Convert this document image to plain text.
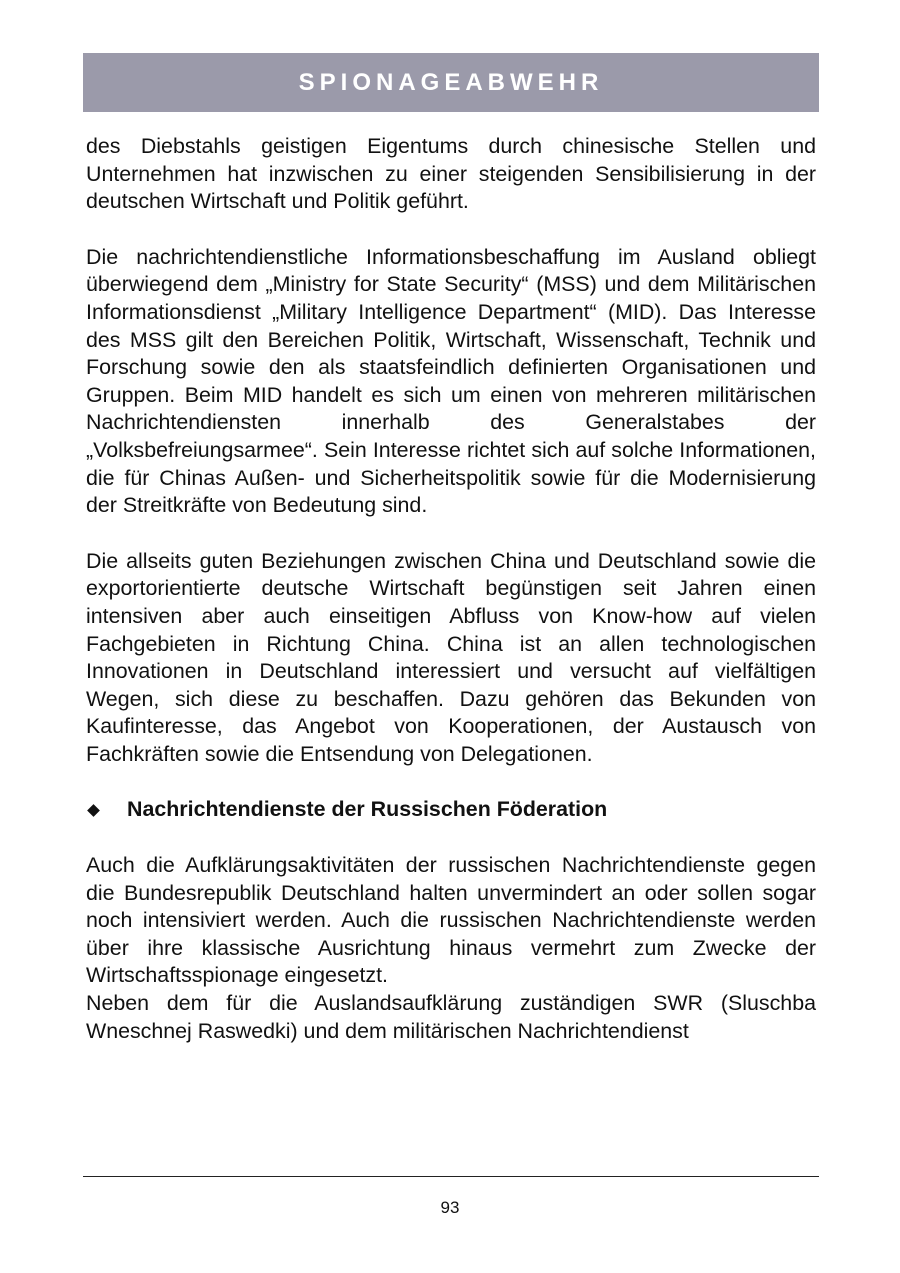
SPIONAGEABWEHR

des Diebstahls geistigen Eigentums durch chinesische Stellen und Unternehmen hat inzwischen zu einer steigenden Sensibilisierung in der deutschen Wirtschaft und Politik geführt.

Die nachrichtendienstliche Informationsbeschaffung im Ausland obliegt überwiegend dem „Ministry for State Security“ (MSS) und dem Militärischen Informationsdienst „Military Intelligence Department“ (MID). Das Interesse des MSS gilt den Bereichen Politik, Wirtschaft, Wissenschaft, Technik und Forschung sowie den als staatsfeindlich definierten Organisationen und Gruppen. Beim MID handelt es sich um einen von mehreren militärischen Nachrichtendiensten innerhalb des Generalstabes der „Volksbefreiungsarmee“. Sein Interesse richtet sich auf solche Informationen, die für Chinas Außen- und Sicherheitspolitik sowie für die Modernisierung der Streitkräfte von Bedeutung sind.

Die allseits guten Beziehungen zwischen China und Deutschland sowie die exportorientierte deutsche Wirtschaft begünstigen seit Jahren einen intensiven aber auch einseitigen Abfluss von Know-how auf vielen Fachgebieten in Richtung China. China ist an allen technologischen Innovationen in Deutschland interessiert und versucht auf vielfältigen Wegen, sich diese zu beschaffen. Dazu gehören das Bekunden von Kaufinteresse, das Angebot von Kooperationen, der Austausch von Fachkräften sowie die Entsendung von Delegationen.

Nachrichtendienste der Russischen Föderation

Auch die Aufklärungsaktivitäten der russischen Nachrichtendienste gegen die Bundesrepublik Deutschland halten unvermindert an oder sollen sogar noch intensiviert werden. Auch die russischen Nachrichtendienste werden über ihre klassische Ausrichtung hinaus vermehrt zum Zwecke der Wirtschaftsspionage eingesetzt.

Neben dem für die Auslandsaufklärung zuständigen SWR (Sluschba Wneschnej Raswedki) und dem militärischen Nachrichtendienst

93
